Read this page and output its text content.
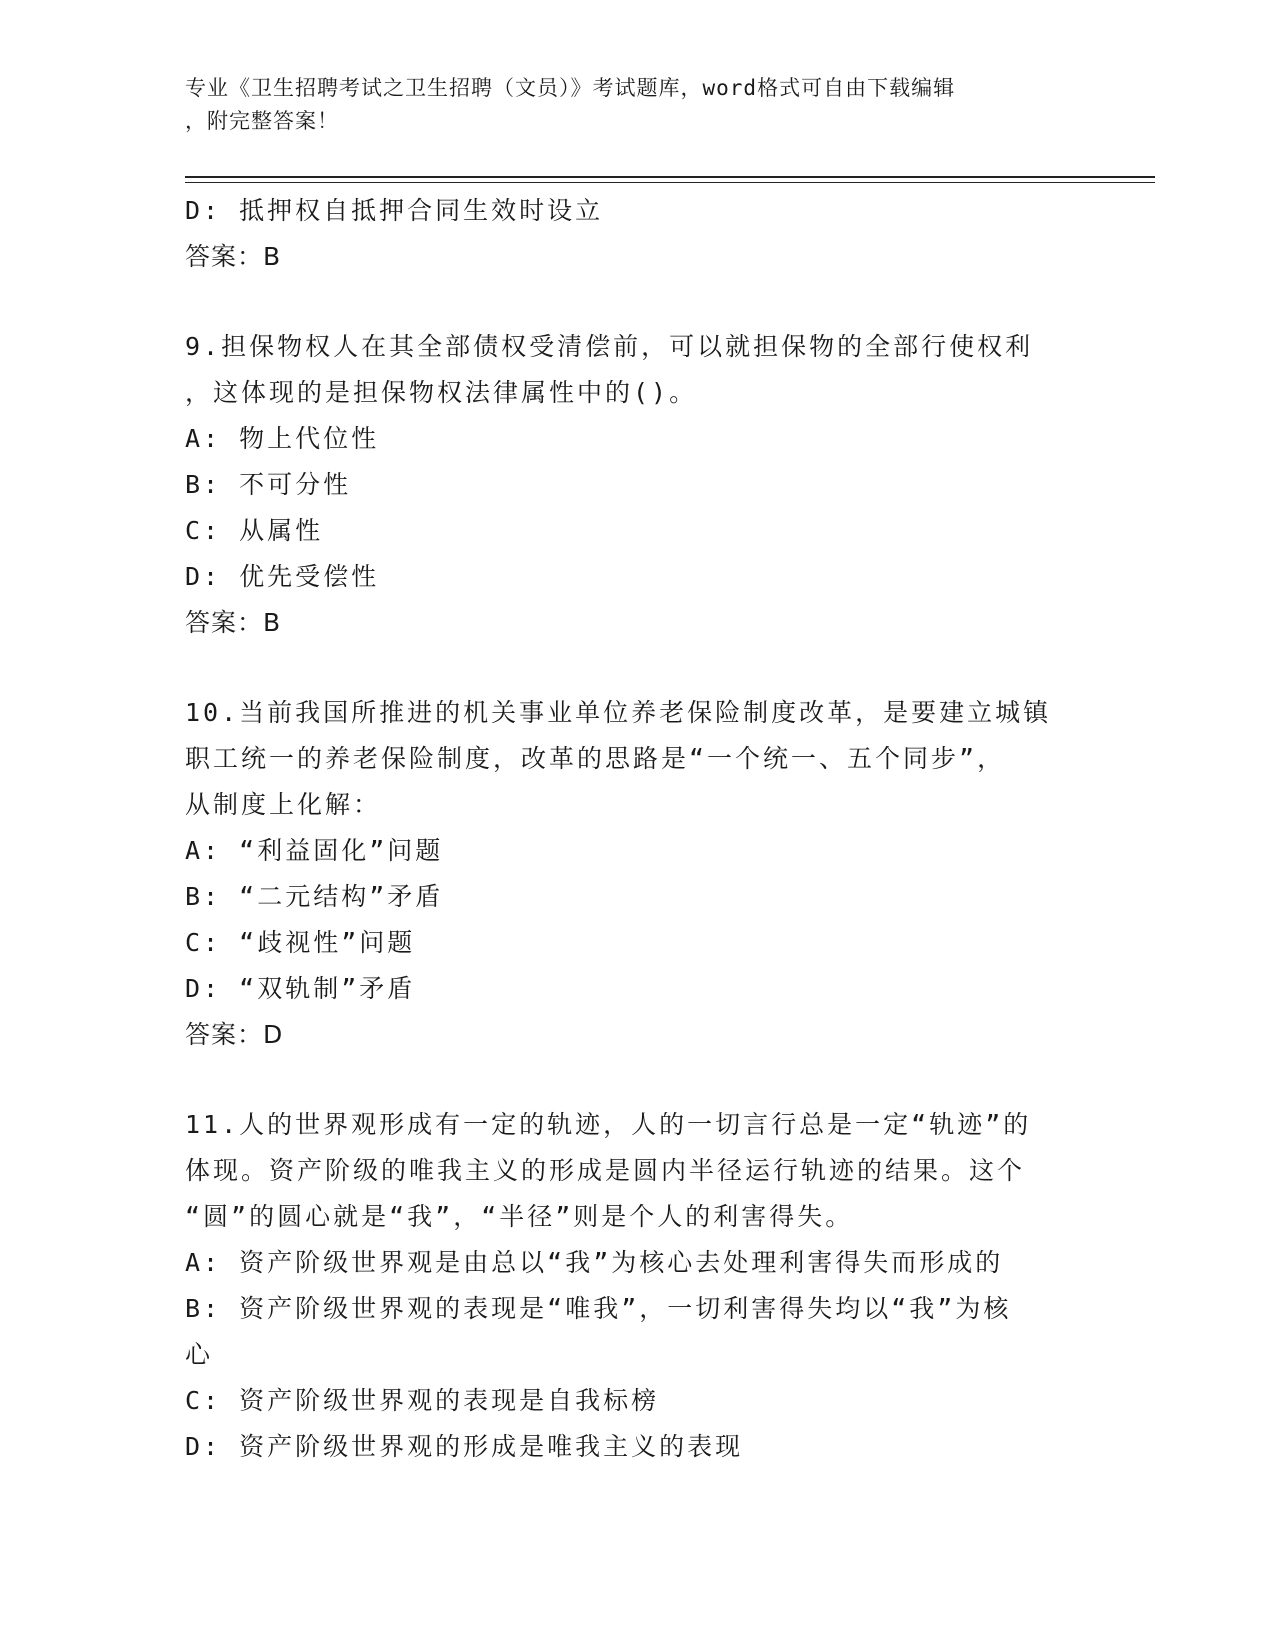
专业《卫生招聘考试之卫生招聘（文员）》考试题库，word格式可自由下载编辑
，附完整答案！
D: 抵押权自抵押合同生效时设立
答案：B
9.担保物权人在其全部债权受清偿前，可以就担保物的全部行使权利
，这体现的是担保物权法律属性中的()。
A: 物上代位性
B: 不可分性
C: 从属性
D: 优先受偿性
答案：B
10.当前我国所推进的机关事业单位养老保险制度改革，是要建立城镇
职工统一的养老保险制度，改革的思路是“一个统一、五个同步”，
从制度上化解：
A: “利益固化”问题
B: “二元结构”矛盾
C: “歧视性”问题
D: “双轨制”矛盾
答案：D
11.人的世界观形成有一定的轨迹，人的一切言行总是一定“轨迹”的
体现。资产阶级的唯我主义的形成是圆内半径运行轨迹的结果。这个
“圆”的圆心就是“我”，“半径”则是个人的利害得失。
A: 资产阶级世界观是由总以“我”为核心去处理利害得失而形成的
B: 资产阶级世界观的表现是“唯我”，一切利害得失均以“我”为核
心
C: 资产阶级世界观的表现是自我标榜
D: 资产阶级世界观的形成是唯我主义的表现
